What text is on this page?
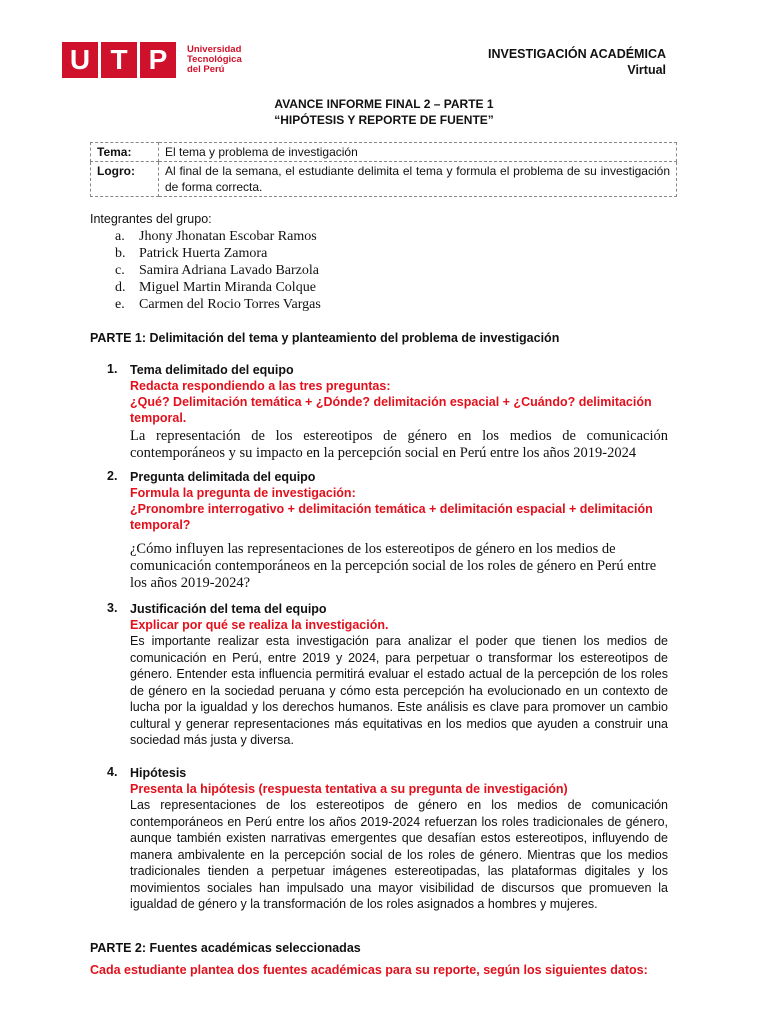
U T P	Universidad
Tecnológica
del Perú
INVESTIGACIÓN ACADÉMICA
Virtual
AVANCE INFORME FINAL 2 – PARTE 1
“HIPÓTESIS Y REPORTE DE FUENTE”
Tema:	El tema y problema de investigación
Logro:	Al final de la semana, el estudiante delimita el tema y formula el problema de su investigación de forma correcta.
Integrantes del grupo:
a.	Jhony Jhonatan Escobar Ramos
b. Patrick Huerta Zamora
c.	Samira Adriana Lavado Barzola
d. Miguel Martin Miranda Colque
e.	Carmen del Rocio Torres Vargas
PARTE 1: Delimitación del tema y planteamiento del problema de investigación
1. Tema delimitado del equipo
Redacta respondiendo a las tres preguntas:
¿Qué? Delimitación temática + ¿Dónde? delimitación espacial + ¿Cuándo? delimitación temporal.
La representación de los estereotipos de género en los medios de comunicación contemporáneos y su impacto en la percepción social en Perú entre los años 2019-2024
2. Pregunta delimitada del equipo
Formula la pregunta de investigación:
¿Pronombre interrogativo + delimitación temática + delimitación espacial + delimitación temporal?
¿Cómo influyen las representaciones de los estereotipos de género en los medios de comunicación contemporáneos en la percepción social de los roles de género en Perú entre los años 2019-2024?
3. Justificación del tema del equipo
Explicar por qué se realiza la investigación.
Es importante realizar esta investigación para analizar el poder que tienen los medios de comunicación en Perú, entre 2019 y 2024, para perpetuar o transformar los estereotipos de género. Entender esta influencia permitirá evaluar el estado actual de la percepción de los roles de género en la sociedad peruana y cómo esta percepción ha evolucionado en un contexto de lucha por la igualdad y los derechos humanos. Este análisis es clave para promover un cambio cultural y generar representaciones más equitativas en los medios que ayuden a construir una sociedad más justa y diversa.
4. Hipótesis
Presenta la hipótesis (respuesta tentativa a su pregunta de investigación)
Las representaciones de los estereotipos de género en los medios de comunicación contemporáneos en Perú entre los años 2019-2024 refuerzan los roles tradicionales de género, aunque también existen narrativas emergentes que desafían estos estereotipos, influyendo de manera ambivalente en la percepción social de los roles de género. Mientras que los medios tradicionales tienden a perpetuar imágenes estereotipadas, las plataformas digitales y los movimientos sociales han impulsado una mayor visibilidad de discursos que promueven la igualdad de género y la transformación de los roles asignados a hombres y mujeres.
PARTE 2: Fuentes académicas seleccionadas
Cada estudiante plantea dos fuentes académicas para su reporte, según los siguientes datos:
